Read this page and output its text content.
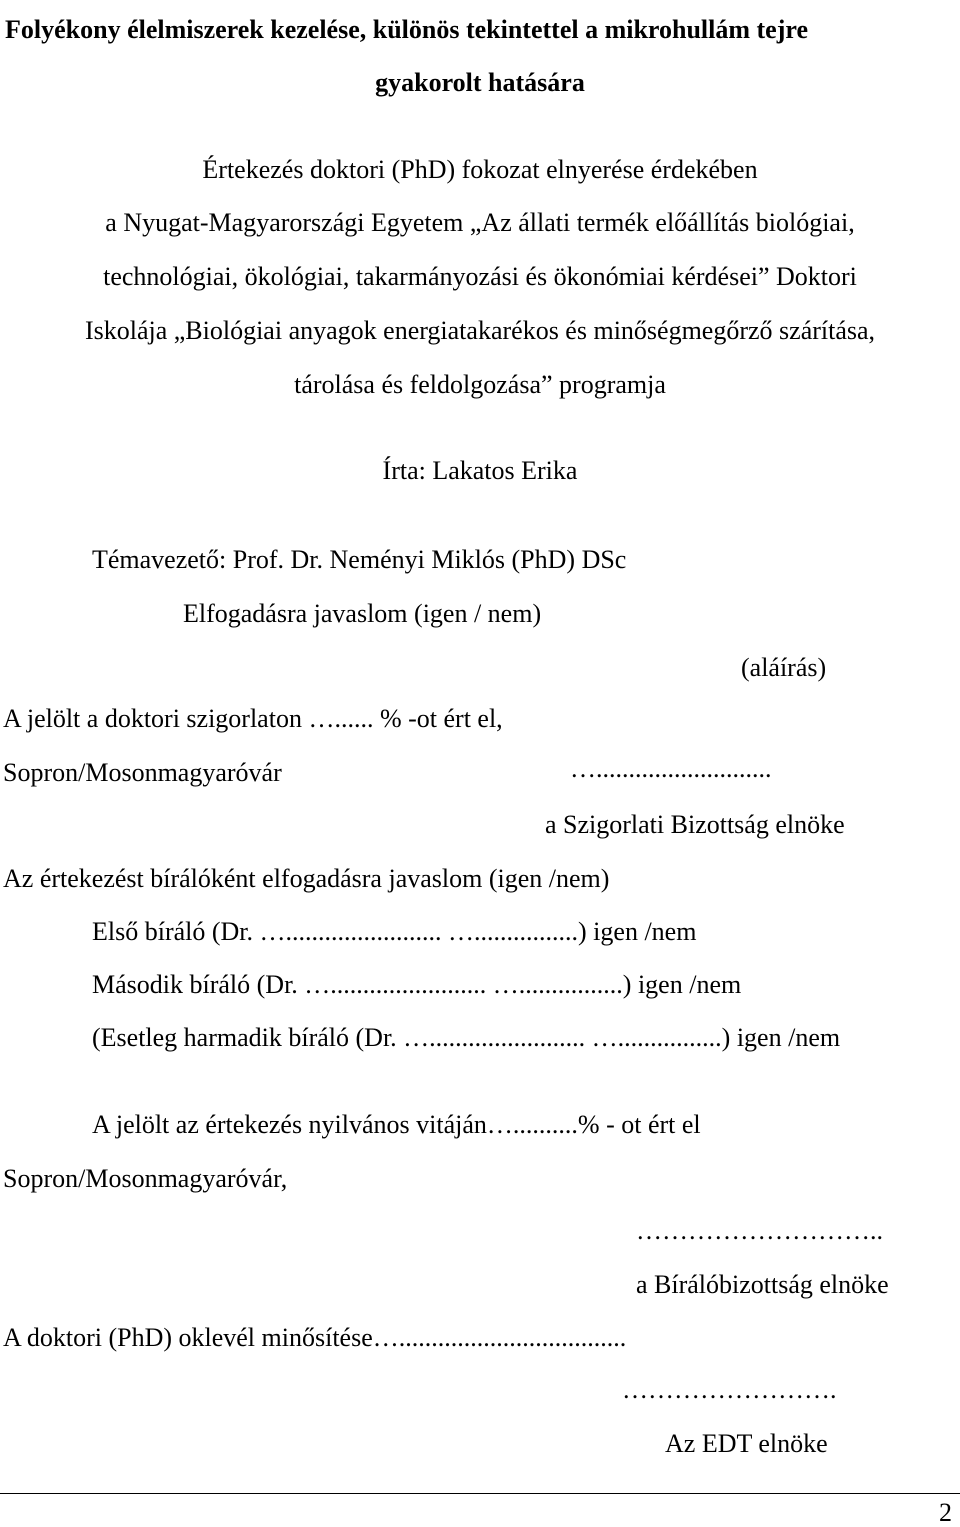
Folyékony élelmiszerek kezelése, különös tekintettel a mikrohullám tejre

gyakorolt hatására

Értekezés doktori (PhD) fokozat elnyerése érdekében

a Nyugat-Magyarországi Egyetem „Az állati termék előállítás biológiai,

technológiai, ökológiai, takarmányozási és ökonómiai kérdései” Doktori

Iskolája „Biológiai anyagok energiatakarékos és minőségmegőrző szárítása,

tárolása és feldolgozása” programja

Írta: Lakatos Erika

Témavezető: Prof. Dr. Neményi Miklós (PhD) DSc

Elfogadásra javaslom (igen / nem)

(aláírás)

A jelölt a doktori szigorlaton …...... % -ot ért el,

Sopron/Mosonmagyaróvár	…...........................

a Szigorlati Bizottság elnöke

Az értekezést bírálóként elfogadásra javaslom (igen /nem)

Első bíráló (Dr. …........................ …................) igen /nem

Második bíráló (Dr. …........................ …................) igen /nem

(Esetleg harmadik bíráló (Dr. …........................ …................) igen /nem

A jelölt az értekezés nyilvános vitáján…..........% - ot ért el

Sopron/Mosonmagyaróvár,

………………………..

a Bírálóbizottság elnöke

A doktori (PhD) oklevél minősítése…...................................

…………………….

Az EDT elnöke

2
